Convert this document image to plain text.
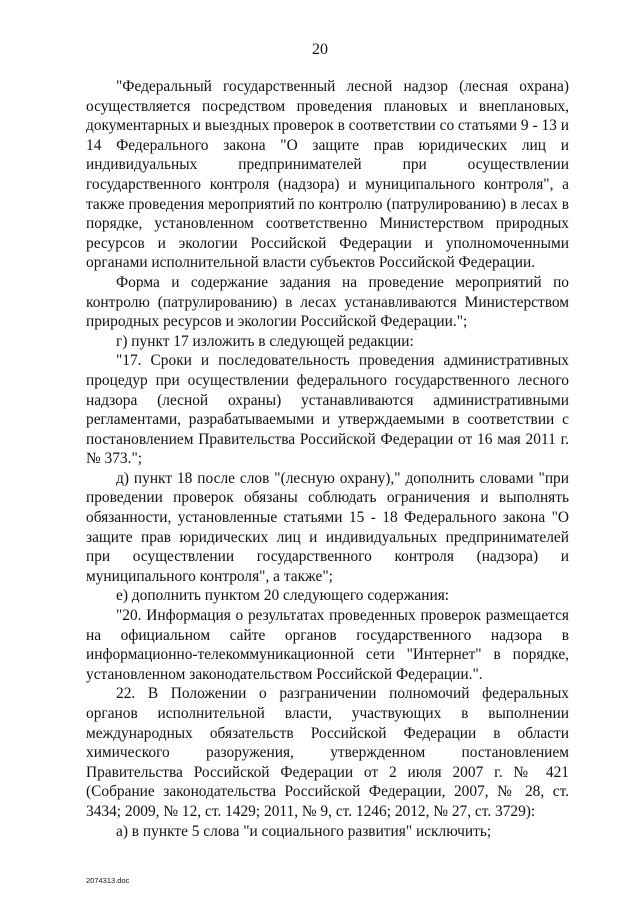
20

"Федеральный государственный лесной надзор (лесная охрана) осуществляется посредством проведения плановых и внеплановых, документарных и выездных проверок в соответствии со статьями 9 - 13 и 14 Федерального закона "О защите прав юридических лиц и индивидуальных предпринимателей при осуществлении государственного контроля (надзора) и муниципального контроля", а также проведения мероприятий по контролю (патрулированию) в лесах в порядке, установленном соответственно Министерством природных ресурсов и экологии Российской Федерации и уполномоченными органами исполнительной власти субъектов Российской Федерации.

Форма и содержание задания на проведение мероприятий по контролю (патрулированию) в лесах устанавливаются Министерством природных ресурсов и экологии Российской Федерации.";

г) пункт 17 изложить в следующей редакции:

"17. Сроки и последовательность проведения административных процедур при осуществлении федерального государственного лесного надзора (лесной охраны) устанавливаются административными регламентами, разрабатываемыми и утверждаемыми в соответствии с постановлением Правительства Российской Федерации от 16 мая 2011 г. № 373.";

д) пункт 18 после слов "(лесную охрану)," дополнить словами "при проведении проверок обязаны соблюдать ограничения и выполнять обязанности, установленные статьями 15 - 18 Федерального закона "О защите прав юридических лиц и индивидуальных предпринимателей при осуществлении государственного контроля (надзора) и муниципального контроля", а также";

е) дополнить пунктом 20 следующего содержания:

"20. Информация о результатах проведенных проверок размещается на официальном сайте органов государственного надзора в информационно-телекоммуникационной сети "Интернет" в порядке, установленном законодательством Российской Федерации.".

22. В Положении о разграничении полномочий федеральных органов исполнительной власти, участвующих в выполнении международных обязательств Российской Федерации в области химического разоружения, утвержденном постановлением Правительства Российской Федерации от 2 июля 2007 г. № 421 (Собрание законодательства Российской Федерации, 2007, № 28, ст. 3434; 2009, № 12, ст. 1429; 2011, № 9, ст. 1246; 2012, № 27, ст. 3729):

а) в пункте 5 слова "и социального развития" исключить;

2074313.doc
